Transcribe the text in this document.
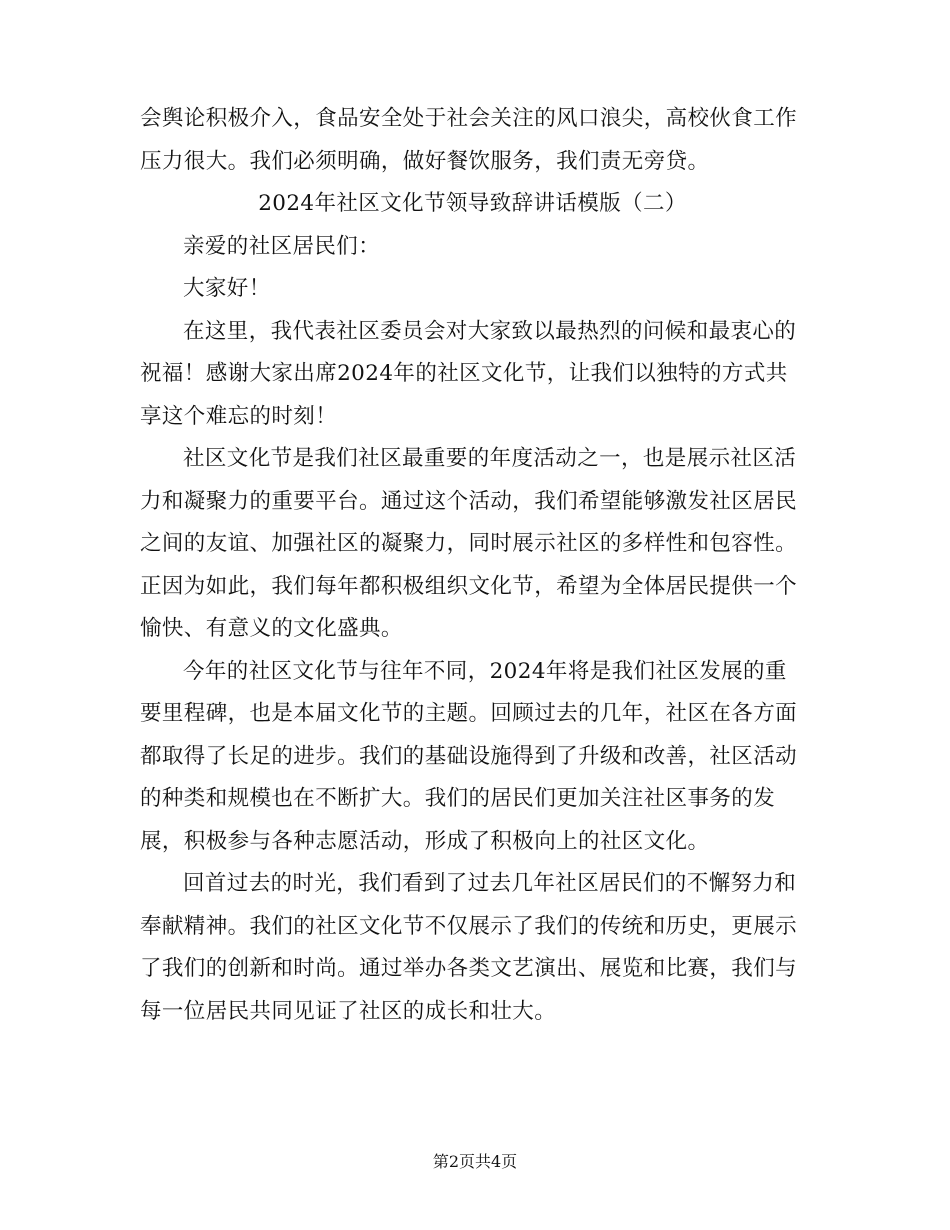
会舆论积极介入，食品安全处于社会关注的风口浪尖，高校伙食工作压力很大。我们必须明确，做好餐饮服务，我们责无旁贷。

2024年社区文化节领导致辞讲话模版（二）

亲爱的社区居民们：

大家好！

在这里，我代表社区委员会对大家致以最热烈的问候和最衷心的祝福！感谢大家出席2024年的社区文化节，让我们以独特的方式共享这个难忘的时刻！

社区文化节是我们社区最重要的年度活动之一，也是展示社区活力和凝聚力的重要平台。通过这个活动，我们希望能够激发社区居民之间的友谊、加强社区的凝聚力，同时展示社区的多样性和包容性。正因为如此，我们每年都积极组织文化节，希望为全体居民提供一个愉快、有意义的文化盛典。

今年的社区文化节与往年不同，2024年将是我们社区发展的重要里程碑，也是本届文化节的主题。回顾过去的几年，社区在各方面都取得了长足的进步。我们的基础设施得到了升级和改善，社区活动的种类和规模也在不断扩大。我们的居民们更加关注社区事务的发展，积极参与各种志愿活动，形成了积极向上的社区文化。

回首过去的时光，我们看到了过去几年社区居民们的不懈努力和奉献精神。我们的社区文化节不仅展示了我们的传统和历史，更展示了我们的创新和时尚。通过举办各类文艺演出、展览和比赛，我们与每一位居民共同见证了社区的成长和壮大。

第2页共4页
